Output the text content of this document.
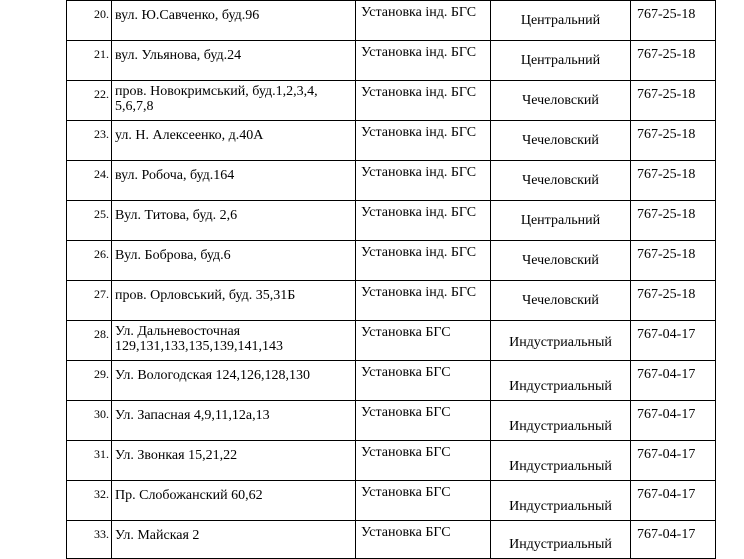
20.	вул. Ю.Савченко, буд.96	Установка інд. БГС	Центральний	767-25-18
21.	вул. Ульянова, буд.24	Установка інд. БГС	Центральний	767-25-18
22.	пров. Новокримський, буд.1,2,3,4, 5,6,7,8	Установка інд. БГС	Чечеловский	767-25-18
23.	ул. Н. Алексеенко, д.40А	Установка інд. БГС	Чечеловский	767-25-18
24.	вул. Робоча, буд.164	Установка інд. БГС	Чечеловский	767-25-18
25.	Вул. Титова, буд. 2,6	Установка інд. БГС	Центральний	767-25-18
26.	Вул. Боброва, буд.6	Установка інд. БГС	Чечеловский	767-25-18
27.	пров. Орловський, буд. 35,31Б	Установка інд. БГС	Чечеловский	767-25-18
28.	Ул. Дальневосточная 129,131,133,135,139,141,143	Установка БГС	Индустриальный	767-04-17
29.	Ул. Вологодская 124,126,128,130	Установка БГС	Индустриальный	767-04-17
30.	Ул. Запасная 4,9,11,12а,13	Установка БГС	Индустриальный	767-04-17
31.	Ул. Звонкая 15,21,22	Установка БГС	Индустриальный	767-04-17
32.	Пр. Слобожанский 60,62	Установка БГС	Индустриальный	767-04-17
33.	Ул. Майская 2	Установка БГС	Индустриальный	767-04-17
